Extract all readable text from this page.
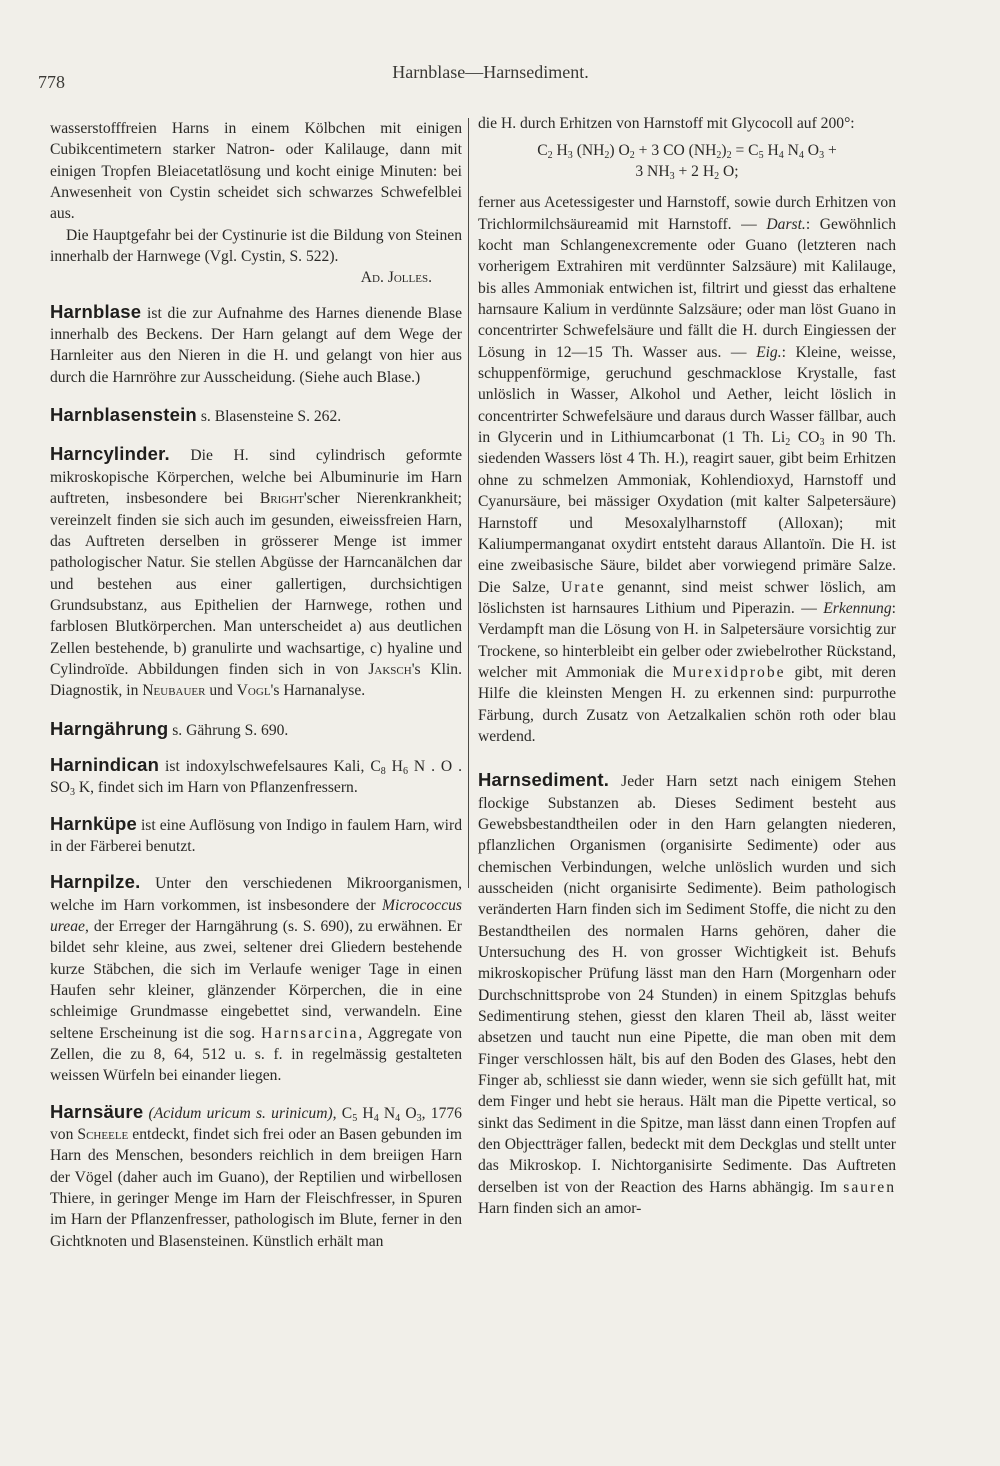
778	Harnblase—Harnsediment.

wasserstofffreien Harns in einem Kölbchen mit einigen Cubikcentimetern starker Natron- oder Kalilauge, dann mit einigen Tropfen Bleiacetatlösung und kocht einige Minuten: bei Anwesenheit von Cystin scheidet sich schwarzes Schwefelblei aus.

Die Hauptgefahr bei der Cystinurie ist die Bildung von Steinen innerhalb der Harnwege (Vgl. Cystin, S. 522).

Ad. Jolles.

Harnblase ist die zur Aufnahme des Harnes dienende Blase innerhalb des Beckens. Der Harn gelangt auf dem Wege der Harnleiter aus den Nieren in die H. und gelangt von hier aus durch die Harnröhre zur Ausscheidung. (Siehe auch Blase.)

Harnblasenstein s. Blasensteine S. 262.

Harncylinder. Die H. sind cylindrisch geformte mikroskopische Körperchen, welche bei Albuminurie im Harn auftreten, insbesondere bei Bright'scher Nierenkrankheit; vereinzelt finden sie sich auch im gesunden, eiweissfreien Harn, das Auftreten derselben in grösserer Menge ist immer pathologischer Natur. Sie stellen Abgüsse der Harncanälchen dar und bestehen aus einer gallertigen, durchsichtigen Grundsubstanz, aus Epithelien der Harnwege, rothen und farblosen Blutkörperchen. Man unterscheidet a) aus deutlichen Zellen bestehende, b) granulirte und wachsartige, c) hyaline und Cylindroïde. Abbildungen finden sich in von Jaksch's Klin. Diagnostik, in Neubauer und Vogl's Harnanalyse.

Harngährung s. Gährung S. 690.

Harnindican ist indoxylschwefelsaures Kali, $C_8$ $H_6$ N . O . $SO_3$ K, findet sich im Harn von Pflanzenfressern.

Harnküpe ist eine Auflösung von Indigo in faulem Harn, wird in der Färberei benutzt.

Harnpilze. Unter den verschiedenen Mikroorganismen, welche im Harn vorkommen, ist insbesondere der Micrococcus ureae, der Erreger der Harngährung (s. S. 690), zu erwähnen. Er bildet sehr kleine, aus zwei, seltener drei Gliedern bestehende kurze Stäbchen, die sich im Verlaufe weniger Tage in einen Haufen sehr kleiner, glänzender Körperchen, die in eine schleimige Grundmasse eingebettet sind, verwandeln. Eine seltene Erscheinung ist die sog. Harnsarcina, Aggregate von Zellen, die zu 8, 64, 512 u. s. f. in regelmässig gestalteten weissen Würfeln bei einander liegen.

Harnsäure (Acidum uricum s. urinicum), $C_5$ $H_4$ $N_4$ $O_3$, 1776 von Scheele entdeckt, findet sich frei oder an Basen gebunden im Harn des Menschen, besonders reichlich in dem breiigen Harn der Vögel (daher auch im Guano), der Reptilien und wirbellosen Thiere, in geringer Menge im Harn der Fleischfresser, in Spuren im Harn der Pflanzenfresser, pathologisch im Blute, ferner in den Gichtknoten und Blasensteinen. Künstlich erhält man

die H. durch Erhitzen von Harnstoff mit Glycocoll auf 200°:

$C_2$ $H_3$ $(NH_2) O_2 + 3$ CO $(NH_2)_2 = C_5$ $H_4$ $N_4$ $O_3$ +
3 $NH_3 + 2$ $H_2$ O;

ferner aus Acetessigester und Harnstoff, sowie durch Erhitzen von Trichlormilchsäureamid mit Harnstoff. — Darst.: Gewöhnlich kocht man Schlangenexcremente oder Guano (letzteren nach vorherigem Extrahiren mit verdünnter Salzsäure) mit Kalilauge, bis alles Ammoniak entwichen ist, filtrirt und giesst das erhaltene harnsaure Kalium in verdünnte Salzsäure; oder man löst Guano in concentrirter Schwefelsäure und fällt die H. durch Eingiessen der Lösung in 12—15 Th. Wasser aus. — Eig.: Kleine, weisse, schuppenförmige, geruchund geschmacklose Krystalle, fast unlöslich in Wasser, Alkohol und Aether, leicht löslich in concentrirter Schwefelsäure und daraus durch Wasser fällbar, auch in Glycerin und in Lithiumcarbonat (1 Th. $Li_2$ $CO_3$ in 90 Th. siedenden Wassers löst 4 Th. H.), reagirt sauer, gibt beim Erhitzen ohne zu schmelzen Ammoniak, Kohlendioxyd, Harnstoff und Cyanursäure, bei mässiger Oxydation (mit kalter Salpetersäure) Harnstoff und Mesoxalylharnstoff (Alloxan); mit Kaliumpermanganat oxydirt entsteht daraus Allantoïn. Die H. ist eine zweibasische Säure, bildet aber vorwiegend primäre Salze. Die Salze, Urate genannt, sind meist schwer löslich, am löslichsten ist harnsaures Lithium und Piperazin. — Erkennung: Verdampft man die Lösung von H. in Salpetersäure vorsichtig zur Trockene, so hinterbleibt ein gelber oder zwiebelrother Rückstand, welcher mit Ammoniak die Murexidprobe gibt, mit deren Hilfe die kleinsten Mengen H. zu erkennen sind: purpurrothe Färbung, durch Zusatz von Aetzalkalien schön roth oder blau werdend.

Harnsediment. Jeder Harn setzt nach einigem Stehen flockige Substanzen ab. Dieses Sediment besteht aus Gewebsbestandtheilen oder in den Harn gelangten niederen, pflanzlichen Organismen (organisirte Sedimente) oder aus chemischen Verbindungen, welche unlöslich wurden und sich ausscheiden (nicht organisirte Sedimente). Beim pathologisch veränderten Harn finden sich im Sediment Stoffe, die nicht zu den Bestandtheilen des normalen Harns gehören, daher die Untersuchung des H. von grosser Wichtigkeit ist. Behufs mikroskopischer Prüfung lässt man den Harn (Morgenharn oder Durchschnittsprobe von 24 Stunden) in einem Spitzglas behufs Sedimentirung stehen, giesst den klaren Theil ab, lässt weiter absetzen und taucht nun eine Pipette, die man oben mit dem Finger verschlossen hält, bis auf den Boden des Glases, hebt den Finger ab, schliesst sie dann wieder, wenn sie sich gefüllt hat, mit dem Finger und hebt sie heraus. Hält man die Pipette vertical, so sinkt das Sediment in die Spitze, man lässt dann einen Tropfen auf den Objectträger fallen, bedeckt mit dem Deckglas und stellt unter das Mikroskop. I. Nichtorganisirte Sedimente. Das Auftreten derselben ist von der Reaction des Harns abhängig. Im sauren Harn finden sich an amor-
